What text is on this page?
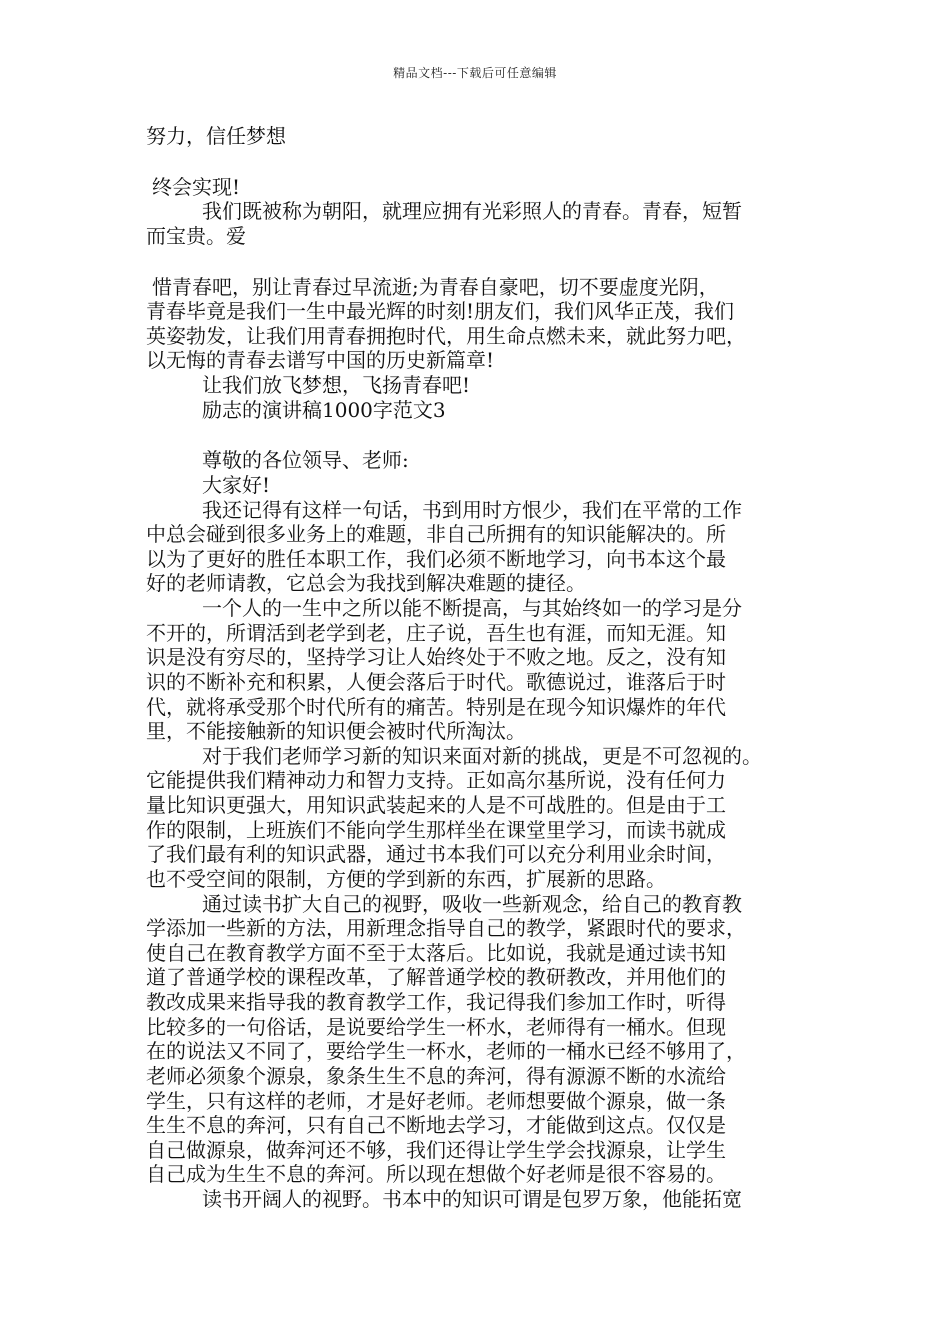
精品文档---下载后可任意编辑
努力，信任梦想
终会实现!
我们既被称为朝阳，就理应拥有光彩照人的青春。青春，短暂
而宝贵。爱
惜青春吧，别让青春过早流逝;为青春自豪吧，切不要虚度光阴，
青春毕竟是我们一生中最光辉的时刻!朋友们，我们风华正茂，我们
英姿勃发，让我们用青春拥抱时代，用生命点燃未来，就此努力吧，
以无悔的青春去谱写中国的历史新篇章!
让我们放飞梦想，飞扬青春吧!
励志的演讲稿1000字范文3
尊敬的各位领导、老师:
大家好!
我还记得有这样一句话，书到用时方恨少，我们在平常的工作
中总会碰到很多业务上的难题，非自己所拥有的知识能解决的。所
以为了更好的胜任本职工作，我们必须不断地学习，向书本这个最
好的老师请教，它总会为我找到解决难题的捷径。
一个人的一生中之所以能不断提高，与其始终如一的学习是分
不开的，所谓活到老学到老，庄子说，吾生也有涯，而知无涯。知
识是没有穷尽的，坚持学习让人始终处于不败之地。反之，没有知
识的不断补充和积累，人便会落后于时代。歌德说过，谁落后于时
代，就将承受那个时代所有的痛苦。特别是在现今知识爆炸的年代
里，不能接触新的知识便会被时代所淘汰。
对于我们老师学习新的知识来面对新的挑战，更是不可忽视的。
它能提供我们精神动力和智力支持。正如高尔基所说，没有任何力
量比知识更强大，用知识武装起来的人是不可战胜的。但是由于工
作的限制，上班族们不能向学生那样坐在课堂里学习，而读书就成
了我们最有利的知识武器，通过书本我们可以充分利用业余时间，
也不受空间的限制，方便的学到新的东西，扩展新的思路。
通过读书扩大自己的视野，吸收一些新观念，给自己的教育教
学添加一些新的方法，用新理念指导自己的教学，紧跟时代的要求，
使自己在教育教学方面不至于太落后。比如说，我就是通过读书知
道了普通学校的课程改革，了解普通学校的教研教改，并用他们的
教改成果来指导我的教育教学工作，我记得我们参加工作时，听得
比较多的一句俗话，是说要给学生一杯水，老师得有一桶水。但现
在的说法又不同了，要给学生一杯水，老师的一桶水已经不够用了，
老师必须象个源泉，象条生生不息的奔河，得有源源不断的水流给
学生，只有这样的老师，才是好老师。老师想要做个源泉，做一条
生生不息的奔河，只有自己不断地去学习，才能做到这点。仅仅是
自己做源泉，做奔河还不够，我们还得让学生学会找源泉，让学生
自己成为生生不息的奔河。所以现在想做个好老师是很不容易的。
读书开阔人的视野。书本中的知识可谓是包罗万象，他能拓宽
